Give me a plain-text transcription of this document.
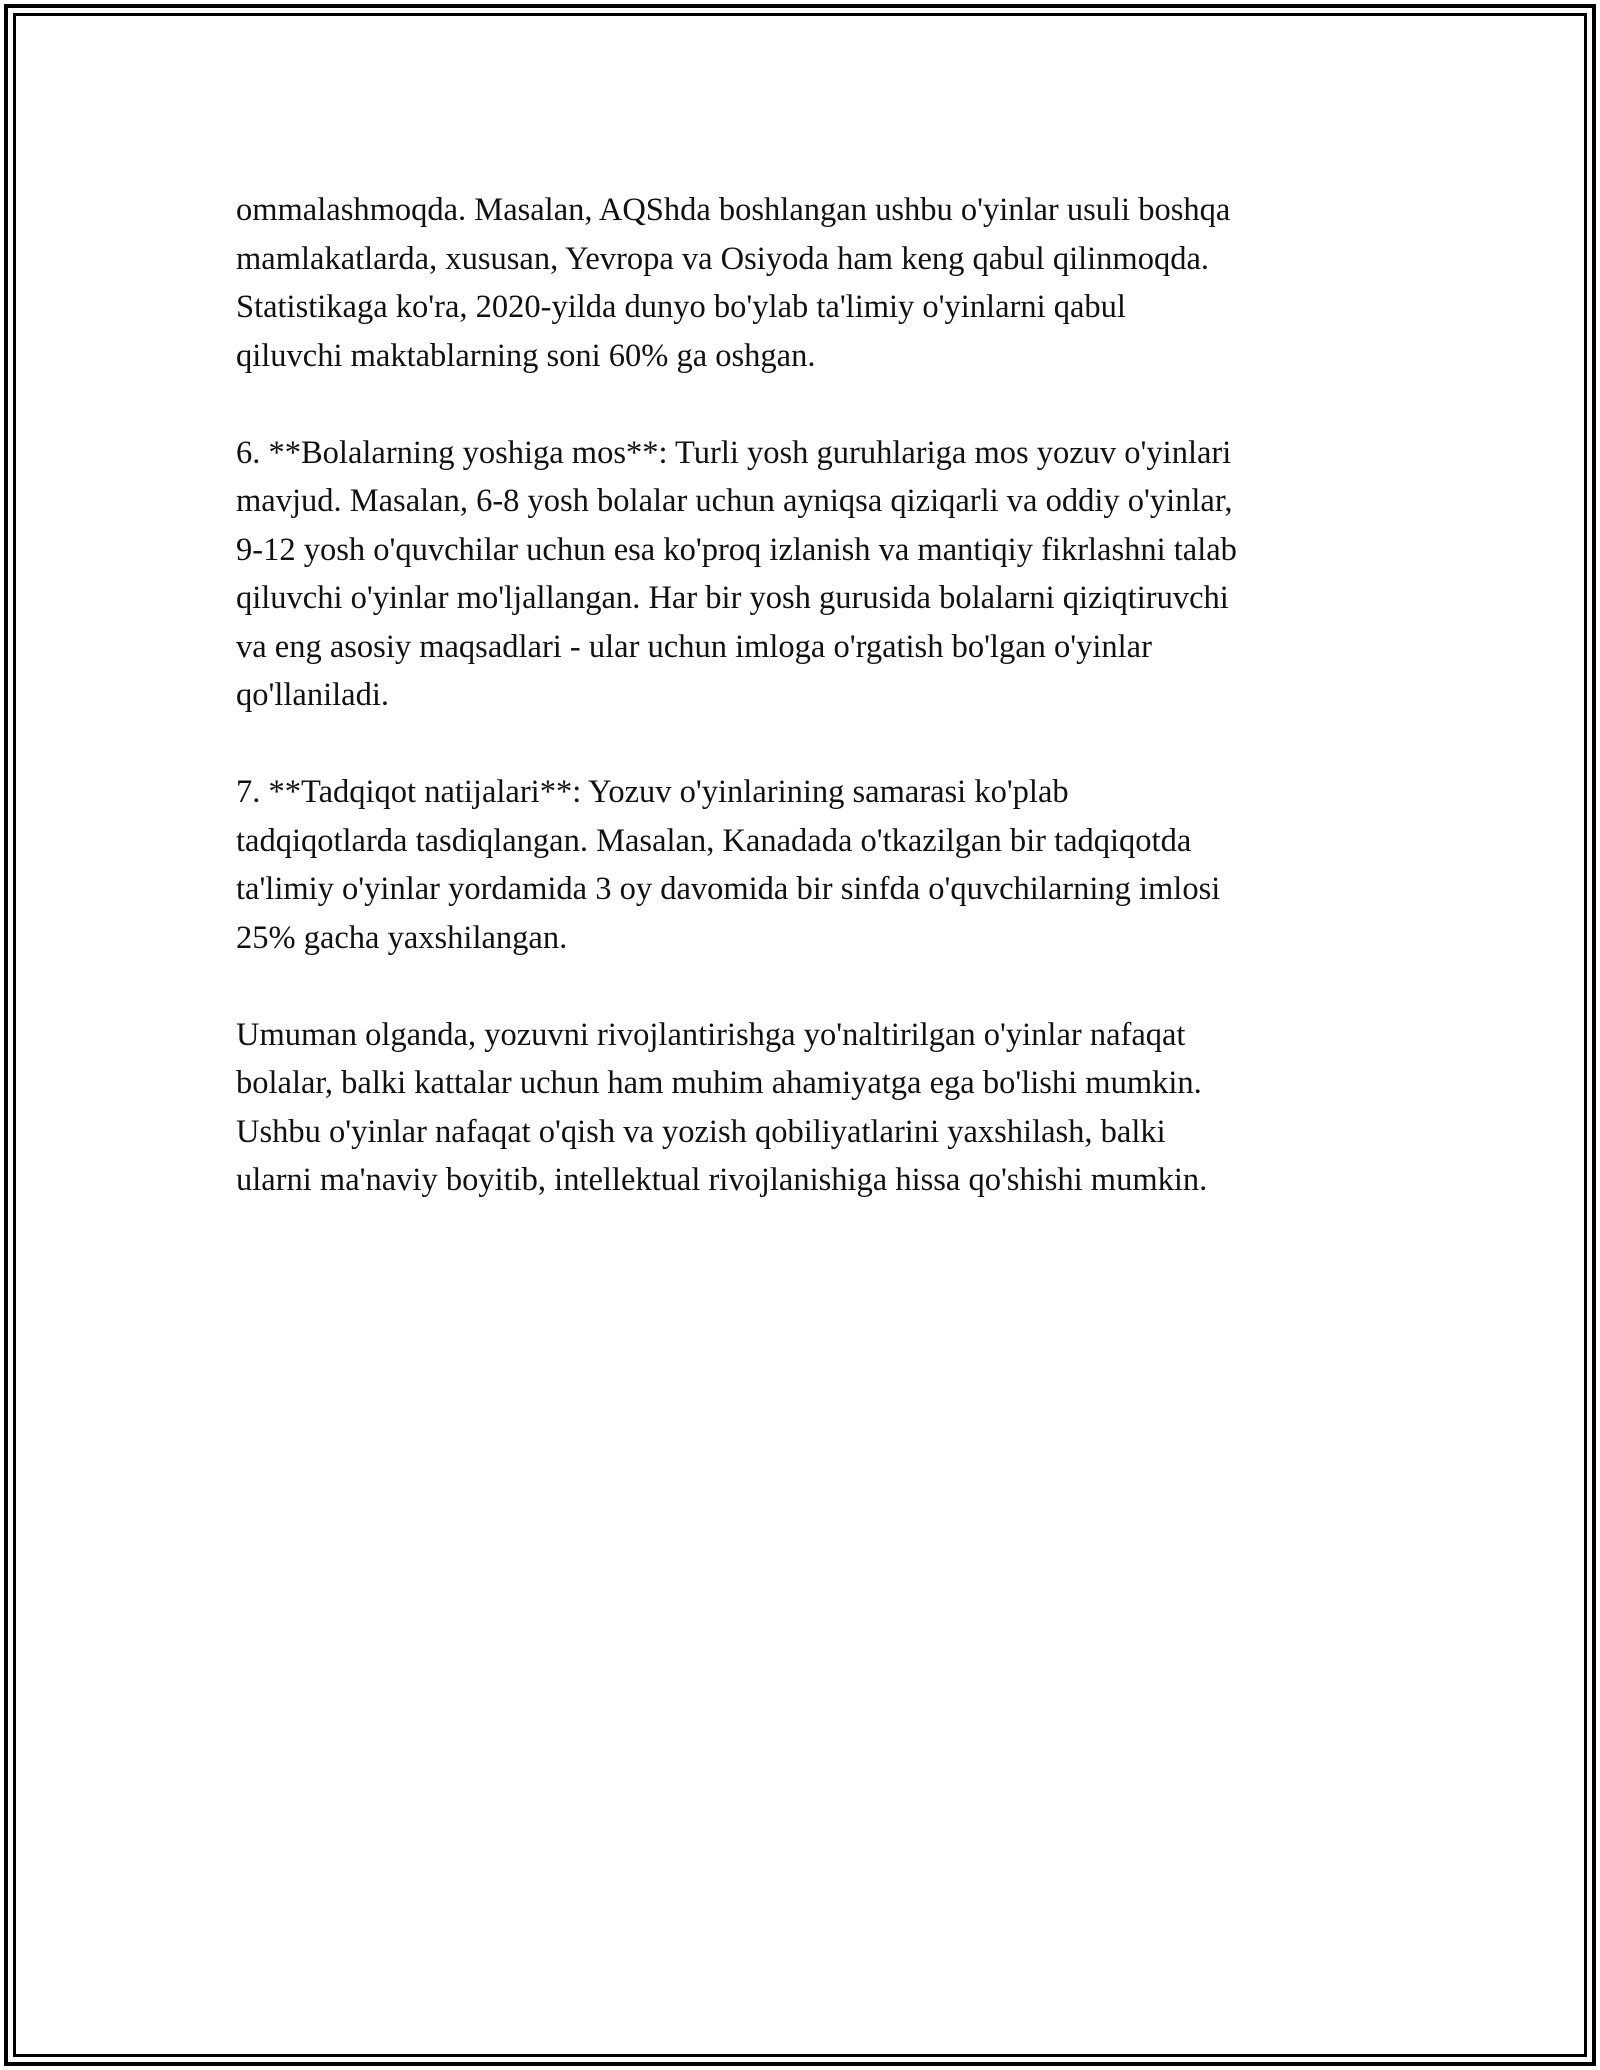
ommalashmoqda. Masalan, AQShda boshlangan ushbu o'yinlar usuli boshqa
mamlakatlarda, xususan, Yevropa va Osiyoda ham keng qabul qilinmoqda.
Statistikaga ko'ra, 2020-yilda dunyo bo'ylab ta'limiy o'yinlarni qabul
qiluvchi maktablarning soni 60% ga oshgan.

6. **Bolalarning yoshiga mos**: Turli yosh guruhlariga mos yozuv o'yinlari
mavjud. Masalan, 6-8 yosh bolalar uchun ayniqsa qiziqarli va oddiy o'yinlar,
9-12 yosh o'quvchilar uchun esa ko'proq izlanish va mantiqiy fikrlashni talab
qiluvchi o'yinlar mo'ljallangan. Har bir yosh gurusida bolalarni qiziqtiruvchi
va eng asosiy maqsadlari - ular uchun imloga o'rgatish bo'lgan o'yinlar
qo'llaniladi.

7. **Tadqiqot natijalari**: Yozuv o'yinlarining samarasi ko'plab
tadqiqotlarda tasdiqlangan. Masalan, Kanadada o'tkazilgan bir tadqiqotda
ta'limiy o'yinlar yordamida 3 oy davomida bir sinfda o'quvchilarning imlosi
25% gacha yaxshilangan.

Umuman olganda, yozuvni rivojlantirishga yo'naltirilgan o'yinlar nafaqat
bolalar, balki kattalar uchun ham muhim ahamiyatga ega bo'lishi mumkin.
Ushbu o'yinlar nafaqat o'qish va yozish qobiliyatlarini yaxshilash, balki
ularni ma'naviy boyitib, intellektual rivojlanishiga hissa qo'shishi mumkin.
